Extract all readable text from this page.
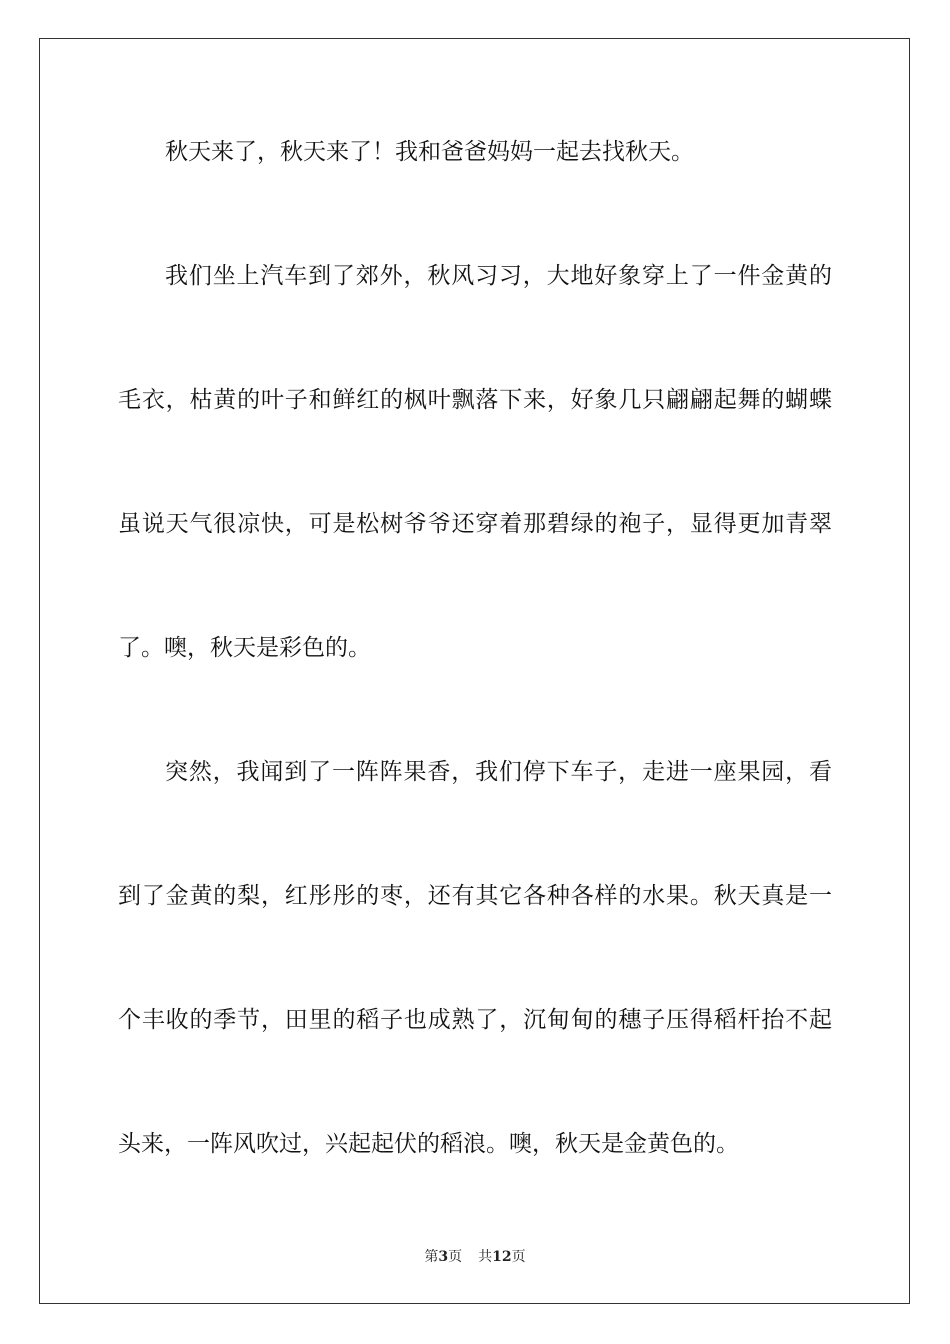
秋天来了，秋天来了！我和爸爸妈妈一起去找秋天。
我们坐上汽车到了郊外，秋风习习，大地好象穿上了一件金黄的
毛衣，枯黄的叶子和鲜红的枫叶飘落下来，好象几只翩翩起舞的蝴蝶
虽说天气很凉快，可是松树爷爷还穿着那碧绿的袍子，显得更加青翠
了。噢，秋天是彩色的。
突然，我闻到了一阵阵果香，我们停下车子，走进一座果园，看
到了金黄的梨，红彤彤的枣，还有其它各种各样的水果。秋天真是一
个丰收的季节，田里的稻子也成熟了，沉甸甸的穗子压得稻杆抬不起
头来，一阵风吹过，兴起起伏的稻浪。噢，秋天是金黄色的。
第3页 共12页
